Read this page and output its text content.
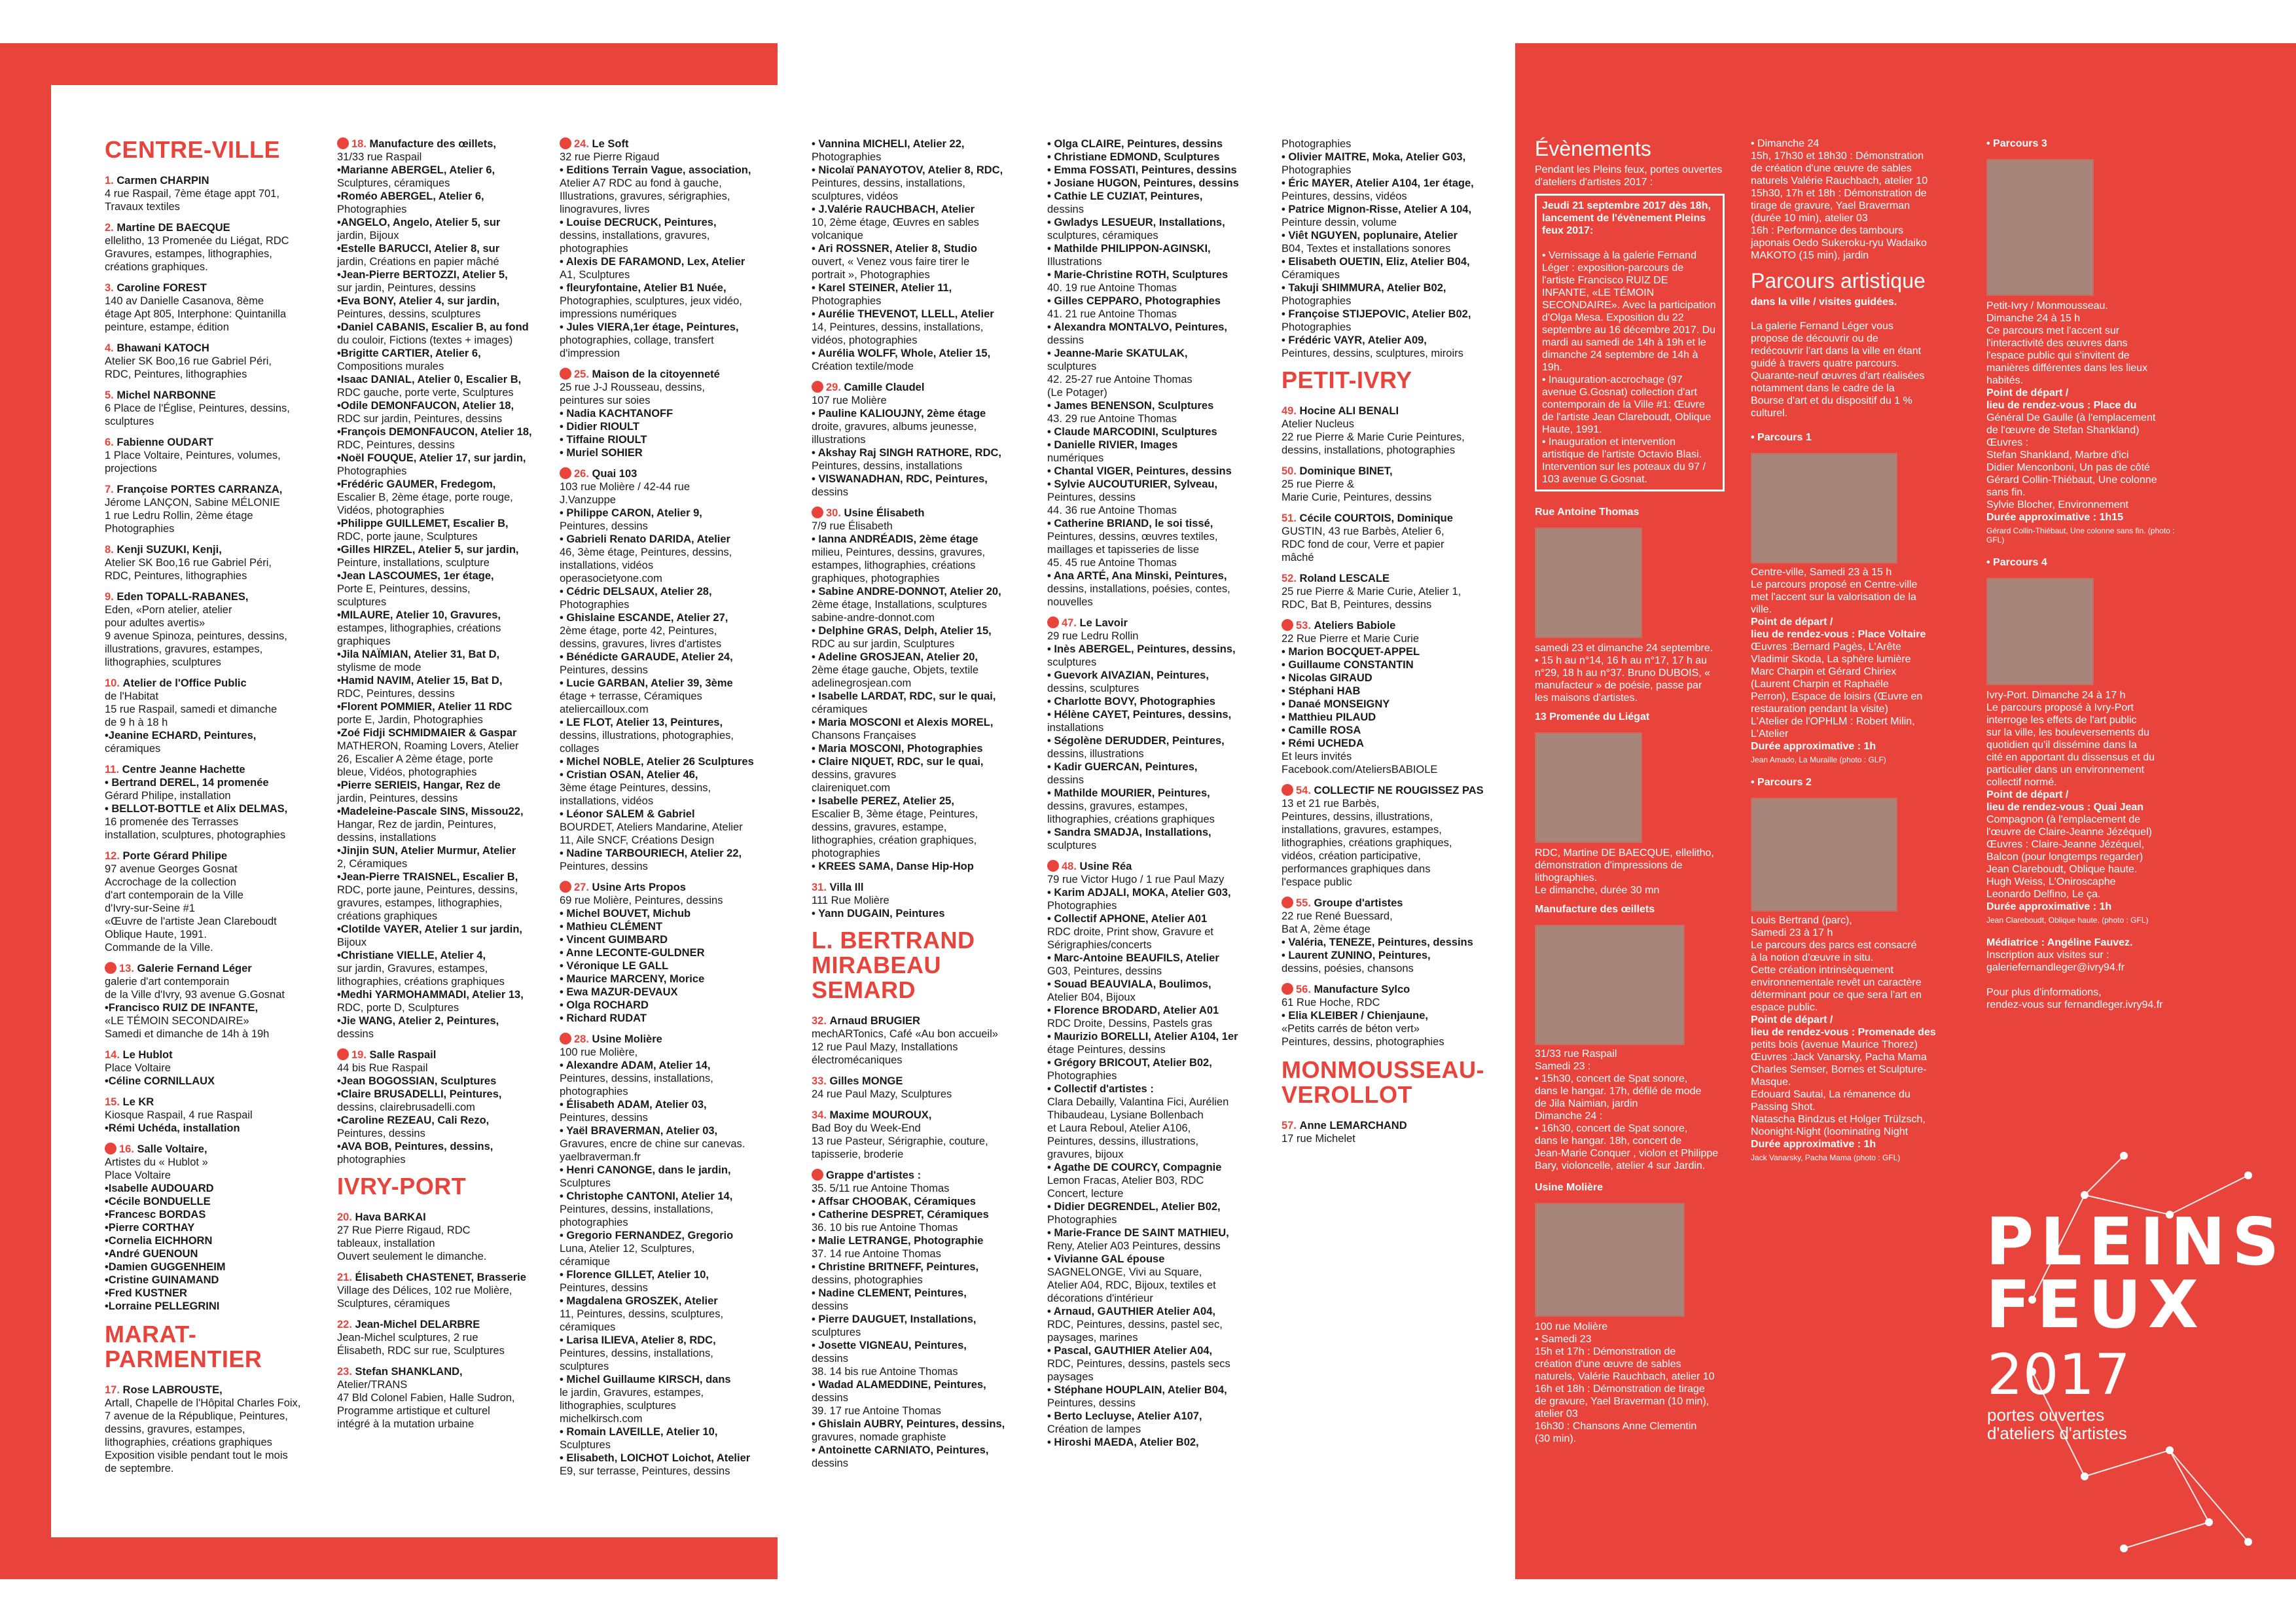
CENTRE-VILLE
1. Carmen CHARPIN
4 rue Raspail, 7ème étage appt 701,
Travaux textiles
2. Martine DE BAECQUE
ellelitho, 13 Promenée du Liégat, RDC
Gravures, estampes, lithographies,
créations graphiques.
3. Caroline FOREST
140 av Danielle Casanova, 8ème
étage Apt 805, Interphone: Quintanilla
peinture, estampe, édition
4. Bhawani KATOCH
Atelier SK Boo,16 rue Gabriel Péri,
RDC, Peintures, lithographies
5. Michel NARBONNE
6 Place de l'Église, Peintures, dessins,
sculptures
6. Fabienne OUDART
1 Place Voltaire, Peintures, volumes,
projections
7. Françoise PORTES CARRANZA,
Jérome LANÇON, Sabine MÉLONIE
1 rue Ledru Rollin, 2ème étage
Photographies
8. Kenji SUZUKI, Kenji,
Atelier SK Boo,16 rue Gabriel Péri,
RDC, Peintures, lithographies
9. Eden TOPALL-RABANES,
Eden, «Porn atelier, atelier
pour adultes avertis»
9 avenue Spinoza, peintures, dessins,
illustrations, gravures, estampes,
lithographies, sculptures
10. Atelier de l'Office Public
de l'Habitat
15 rue Raspail, samedi et dimanche
de 9 h à 18 h
•Jeanine ECHARD, Peintures,
céramiques
11. Centre Jeanne Hachette
• Bertrand DEREL, 14 promenée
Gérard Philipe, installation
• BELLOT-BOTTLE et Alix DELMAS,
16 promenée des Terrasses
installation, sculptures, photographies
12. Porte Gérard Philipe
97 avenue Georges Gosnat
Accrochage de la collection
d'art contemporain de la Ville
d'Ivry-sur-Seine #1
«Œuvre de l'artiste Jean Clareboudt
Oblique Haute, 1991.
Commande de la Ville.
13. Galerie Fernand Léger
galerie d'art contemporain
de la Ville d'Ivry, 93 avenue G.Gosnat
•Francisco RUIZ DE INFANTE,
«LE TÉMOIN SECONDAIRE»
Samedi et dimanche de 14h à 19h
14. Le Hublot
Place Voltaire
•Céline CORNILLAUX
15. Le KR
Kiosque Raspail, 4 rue Raspail
•Rémi Uchéda, installation
16. Salle Voltaire,
Artistes du « Hublot »
Place Voltaire
•Isabelle AUDOUARD
•Cécile BONDUELLE
•Francesc BORDAS
•Pierre CORTHAY
•Cornelia EICHHORN
•André GUENOUN
•Damien GUGGENHEIM
•Cristine GUINAMAND
•Fred KUSTNER
•Lorraine PELLEGRINI
MARAT-PARMENTIER
17. Rose LABROUSTE,
Artall, Chapelle de l'Hôpital Charles Foix,
7 avenue de la République, Peintures,
dessins, gravures, estampes,
lithographies, créations graphiques
Exposition visible pendant tout le mois
de septembre.
18. Manufacture des œillets,
31/33 rue Raspail
•Marianne ABERGEL, Atelier 6,
Sculptures, céramiques
•Roméo ABERGEL, Atelier 6,
Photographies
•ANGELO, Angelo, Atelier 5, sur
jardin, Bijoux
•Estelle BARUCCI, Atelier 8, sur
jardin, Créations en papier mâché
•Jean-Pierre BERTOZZI, Atelier 5,
sur jardin, Peintures, dessins
•Eva BONY, Atelier 4, sur jardin,
Peintures, dessins, sculptures
•Daniel CABANIS, Escalier B, au fond
du couloir, Fictions (textes + images)
•Brigitte CARTIER, Atelier 6,
Compositions murales
•Isaac DANIAL, Atelier 0, Escalier B,
RDC gauche, porte verte, Sculptures
•Odile DEMONFAUCON, Atelier 18,
RDC sur jardin, Peintures, dessins
•François DEMONFAUCON, Atelier 18,
RDC, Peintures, dessins
•Noël FOUQUE, Atelier 17, sur jardin,
Photographies
•Frédéric GAUMER, Fredegom,
Escalier B, 2ème étage, porte rouge,
Vidéos, photographies
•Philippe GUILLEMET, Escalier B,
RDC, porte jaune, Sculptures
•Gilles HIRZEL, Atelier 5, sur jardin,
Peinture, installations, sculpture
•Jean LASCOUMES, 1er étage,
Porte E, Peintures, dessins,
sculptures
•MILAURE, Atelier 10, Gravures,
estampes, lithographies, créations
graphiques
•Jila NAÏMIAN, Atelier 31, Bat D,
stylisme de mode
•Hamid NAVIM, Atelier 15, Bat D,
RDC, Peintures, dessins
•Florent POMMIER, Atelier 11 RDC
porte E, Jardin, Photographies
•Zoé Fidji SCHMIDMAIER & Gaspar
MATHERON, Roaming Lovers, Atelier
26, Escalier A 2ème étage, porte
bleue, Vidéos, photographies
•Pierre SERIEIS, Hangar, Rez de
jardin, Peintures, dessins
•Madeleine-Pascale SINS, Missou22,
Hangar, Rez de jardin, Peintures,
dessins, installations
•Jinjin SUN, Atelier Murmur, Atelier
2, Céramiques
•Jean-Pierre TRAISNEL, Escalier B,
RDC, porte jaune, Peintures, dessins,
gravures, estampes, lithographies,
créations graphiques
•Clotilde VAYER, Atelier 1 sur jardin,
Bijoux
•Christiane VIELLE, Atelier 4,
sur jardin, Gravures, estampes,
lithographies, créations graphiques
•Medhi YARMOHAMMADI, Atelier 13,
RDC, porte D, Sculptures
•Jie WANG, Atelier 2, Peintures,
dessins
19. Salle Raspail
44 bis Rue Raspail
•Jean BOGOSSIAN, Sculptures
•Claire BRUSADELLI, Peintures,
dessins, clairebrusadelli.com
•Caroline REZEAU, Cali Rezo,
Peintures, dessins
•AVA BOB, Peintures, dessins,
photographies
IVRY-PORT
20. Hava BARKAI
27 Rue Pierre Rigaud, RDC
tableaux, installation
Ouvert seulement le dimanche.
21. Élisabeth CHASTENET, Brasserie
Village des Délices, 102 rue Molière,
Sculptures, céramiques
22. Jean-Michel DELARBRE
Jean-Michel sculptures, 2 rue
Élisabeth, RDC sur rue, Sculptures
23. Stefan SHANKLAND,
Atelier/TRANS
47 Bld Colonel Fabien, Halle Sudron,
Programme artistique et culturel
intégré à la mutation urbaine
24. Le Soft
32 rue Pierre Rigaud
• Editions Terrain Vague, association,
Atelier A7 RDC au fond à gauche,
Illustrations, gravures, sérigraphies,
linogravures, livres
• Louise DECRUCK, Peintures,
dessins, installations, gravures,
photographies
• Alexis DE FARAMOND, Lex, Atelier
A1, Sculptures
• fleuryfontaine, Atelier B1 Nuée,
Photographies, sculptures, jeux vidéo,
impressions numériques
• Jules VIERA,1er étage, Peintures,
photographies, collage, transfert
d'impression
25. Maison de la citoyenneté
25 rue J-J Rousseau, dessins,
peintures sur soies
• Nadia KACHTANOFF
• Didier RIOULT
• Tiffaine RIOULT
• Muriel SOHIER
26. Quai 103
103 rue Molière / 42-44 rue
J.Vanzuppe
• Philippe CARON, Atelier 9,
Peintures, dessins
• Gabrieli Renato DARIDA, Atelier
46, 3ème étage, Peintures, dessins,
installations, vidéos
operasocietyone.com
• Cédric DELSAUX, Atelier 28,
Photographies
• Ghislaine ESCANDE, Atelier 27,
2ème étage, porte 42, Peintures,
dessins, gravures, livres d'artistes
• Bénédicte GARAUDE, Atelier 24,
Peintures, dessins
• Lucie GARBAN, Atelier 39, 3ème
étage + terrasse, Céramiques
ateliercailloux.com
• LE FLOT, Atelier 13, Peintures,
dessins, illustrations, photographies,
collages
• Michel NOBLE, Atelier 26 Sculptures
• Cristian OSAN, Atelier 46,
3ème étage Peintures, dessins,
installations, vidéos
• Léonor SALEM & Gabriel
BOURDET, Ateliers Mandarine, Atelier
11, Aile SNCF, Créations Design
• Nadine TARBOURIECH, Atelier 22,
Peintures, dessins
27. Usine Arts Propos
69 rue Molière, Peintures, dessins
• Michel BOUVET, Michub
• Mathieu CLÉMENT
• Vincent GUIMBARD
• Anne LECONTE-GULDNER
• Véronique LE GALL
• Maurice MARCENY, Morice
• Ewa MAZUR-DEVAUX
• Olga ROCHARD
• Richard RUDAT
28. Usine Molière
100 rue Molière,
• Alexandre ADAM, Atelier 14,
Peintures, dessins, installations,
photographies
• Élisabeth ADAM, Atelier 03,
Peintures, dessins
• Yaël BRAVERMAN, Atelier 03,
Gravures, encre de chine sur canevas.
yaelbraverman.fr
• Henri CANONGE, dans le jardin,
Sculptures
• Christophe CANTONI, Atelier 14,
Peintures, dessins, installations,
photographies
• Gregorio FERNANDEZ, Gregorio
Luna, Atelier 12, Sculptures,
céramique
• Florence GILLET, Atelier 10,
Peintures, dessins
• Magdalena GROSZEK, Atelier
11, Peintures, dessins, sculptures,
céramiques
• Larisa ILIEVA, Atelier 8, RDC,
Peintures, dessins, installations,
sculptures
• Michel Guillaume KIRSCH, dans
le jardin, Gravures, estampes,
lithographies, sculptures
michelkirsch.com
• Romain LAVEILLE, Atelier 10,
Sculptures
• Elisabeth, LOICHOT Loichot, Atelier
E9, sur terrasse, Peintures, dessins
• Vannina MICHELI, Atelier 22,
Photographies
• Nicolaï PANAYOTOV, Atelier 8, RDC,
Peintures, dessins, installations,
sculptures, vidéos
• J.Valérie RAUCHBACH, Atelier
10, 2ème étage, Œuvres en sables
volcanique
• Ari ROSSNER, Atelier 8, Studio
ouvert, « Venez vous faire tirer le
portrait », Photographies
• Karel STEINER, Atelier 11,
Photographies
• Aurélie THEVENOT, LLELL, Atelier
14, Peintures, dessins, installations,
vidéos, photographies
• Aurélia WOLFF, Whole, Atelier 15,
Création textile/mode
29. Camille Claudel
107 rue Molière
• Pauline KALIOUJNY, 2ème étage
droite, gravures, albums jeunesse,
illustrations
• Akshay Raj SINGH RATHORE, RDC,
Peintures, dessins, installations
• VISWANADHAN, RDC, Peintures,
dessins
30. Usine Élisabeth
7/9 rue Élisabeth
• Ianna ANDRÉADIS, 2ème étage
milieu, Peintures, dessins, gravures,
estampes, lithographies, créations
graphiques, photographies
• Sabine ANDRE-DONNOT, Atelier 20,
2ème étage, Installations, sculptures
sabine-andre-donnot.com
• Delphine GRAS, Delph, Atelier 15,
RDC au sur jardin, Sculptures
• Adeline GROSJEAN, Atelier 20,
2ème étage gauche, Objets, textile
adelinegrosjean.com
• Isabelle LARDAT, RDC, sur le quai,
céramiques
• Maria MOSCONI et Alexis MOREL,
Chansons Françaises
• Maria MOSCONI, Photographies
• Claire NIQUET, RDC, sur le quai,
dessins, gravures
claireniquet.com
• Isabelle PEREZ, Atelier 25,
Escalier B, 3ème étage, Peintures,
dessins, gravures, estampe,
lithographies, création graphiques,
photographies
• KREES SAMA, Danse Hip-Hop
31. Villa Ill
111 Rue Molière
• Yann DUGAIN, Peintures
L. BERTRAND MIRABEAU SEMARD
32. Arnaud BRUGIER
mechARTonics, Café «Au bon accueil»
12 rue Paul Mazy, Installations
électromécaniques
33. Gilles MONGE
24 rue Paul Mazy, Sculptures
34. Maxime MOUROUX,
Bad Boy du Week-End
13 rue Pasteur, Sérigraphie, couture,
tapisserie, broderie
Grappe d'artistes :
35. 5/11 rue Antoine Thomas
• Affsar CHOOBAK, Céramiques
• Catherine DESPRET, Céramiques
36. 10 bis rue Antoine Thomas
• Malie LETRANGE, Photographie
37. 14 rue Antoine Thomas
• Christine BRITNEFF, Peintures,
dessins, photographies
• Nadine CLEMENT, Peintures,
dessins
• Pierre DAUGUET, Installations,
sculptures
• Josette VIGNEAU, Peintures,
dessins
38. 14 bis rue Antoine Thomas
• Wadad ALAMEDDINE, Peintures,
dessins
39. 17 rue Antoine Thomas
• Ghislain AUBRY, Peintures, dessins,
gravures, nomade graphiste
• Antoinette CARNIATO, Peintures,
dessins
• Olga CLAIRE, Peintures, dessins
• Christiane EDMOND, Sculptures
• Emma FOSSATI, Peintures, dessins
• Josiane HUGON, Peintures, dessins
• Cathie LE CUZIAT, Peintures,
dessins
• Gwladys LESUEUR, Installations,
sculptures, céramiques
• Mathilde PHILIPPON-AGINSKI,
Illustrations
• Marie-Christine ROTH, Sculptures
40. 19 rue Antoine Thomas
• Gilles CEPPARO, Photographies
41. 21 rue Antoine Thomas
• Alexandra MONTALVO, Peintures,
dessins
• Jeanne-Marie SKATULAK,
sculptures
42. 25-27 rue Antoine Thomas
(Le Potager)
• James BENENSON, Sculptures
43. 29 rue Antoine Thomas
• Claude MARCODINI, Sculptures
• Danielle RIVIER, Images
numériques
• Chantal VIGER, Peintures, dessins
• Sylvie AUCOUTURIER, Sylveau,
Peintures, dessins
44. 36 rue Antoine Thomas
• Catherine BRIAND, le soi tissé,
Peintures, dessins, œuvres textiles,
maillages et tapisseries de lisse
45. 45 rue Antoine Thomas
• Ana ARTÉ, Ana Minski, Peintures,
dessins, installations, poésies, contes,
nouvelles
47. Le Lavoir
29 rue Ledru Rollin
• Inès ABERGEL, Peintures, dessins,
sculptures
• Guevork AIVAZIAN, Peintures,
dessins, sculptures
• Charlotte BOVY, Photographies
• Hélène CAYET, Peintures, dessins,
installations
• Ségolène DERUDDER, Peintures,
dessins, illustrations
• Kadir GUERCAN, Peintures,
dessins
• Mathilde MOURIER, Peintures,
dessins, gravures, estampes,
lithographies, créations graphiques
• Sandra SMADJA, Installations,
sculptures
48. Usine Réa
79 rue Victor Hugo / 1 rue Paul Mazy
• Karim ADJALI, MOKA, Atelier G03,
Photographies
• Collectif APHONE, Atelier A01
RDC droite, Print show, Gravure et
Sérigraphies/concerts
• Marc-Antoine BEAUFILS, Atelier
G03, Peintures, dessins
• Souad BEAUVIALA, Boulimos,
Atelier B04, Bijoux
• Florence BRODARD, Atelier A01
RDC Droite, Dessins, Pastels gras
• Maurizio BORELLI, Atelier A104, 1er
étage Peintures, dessins
• Grégory BRICOUT, Atelier B02,
Photographies
• Collectif d'artistes :
Clara Debailly, Valantina Fici, Aurélien
Thibaudeau, Lysiane Bollenbach
et Laura Reboul, Atelier A106,
Peintures, dessins, illustrations,
gravures, bijoux
• Agathe DE COURCY, Compagnie
Lemon Fracas, Atelier B03, RDC
Concert, lecture
• Didier DEGRENDEL, Atelier B02,
Photographies
• Marie-France DE SAINT MATHIEU,
Reny, Atelier A03 Peintures, dessins
• Vivianne GAL épouse
SAGNELONGE, Vivi au Square,
Atelier A04, RDC, Bijoux, textiles et
décorations d'intérieur
• Arnaud, GAUTHIER Atelier A04,
RDC, Peintures, dessins, pastel sec,
paysages, marines
• Pascal, GAUTHIER Atelier A04,
RDC, Peintures, dessins, pastels secs
paysages
• Stéphane HOUPLAIN, Atelier B04,
Peintures, dessins
• Berto Lecluyse, Atelier A107,
Création de lampes
• Hiroshi MAEDA, Atelier B02,
Photographies
• Olivier MAITRE, Moka, Atelier G03,
Photographies
• Éric MAYER, Atelier A104, 1er étage,
Peintures, dessins, vidéos
• Patrice Mignon-Risse, Atelier A 104,
Peinture dessin, volume
• Viêt NGUYEN, poplunaire, Atelier
B04, Textes et installations sonores
• Elisabeth OUETIN, Eliz, Atelier B04,
Céramiques
• Takuji SHIMMURA, Atelier B02,
Photographies
• Françoise STIJEPOVIC, Atelier B02,
Photographies
• Frédéric VAYR, Atelier A09,
Peintures, dessins, sculptures, miroirs
PETIT-IVRY
49. Hocine ALI BENALI
Atelier Nucleus
22 rue Pierre & Marie Curie Peintures,
dessins, installations, photographies
50. Dominique BINET,
25 rue Pierre &
Marie Curie, Peintures, dessins
51. Cécile COURTOIS, Dominique
GUSTIN, 43 rue Barbès, Atelier 6,
RDC fond de cour, Verre et papier
mâché
52. Roland LESCALE
25 rue Pierre & Marie Curie, Atelier 1,
RDC, Bat B, Peintures, dessins
53. Ateliers Babiole
22 Rue Pierre et Marie Curie
• Marion BOCQUET-APPEL
• Guillaume CONSTANTIN
• Nicolas GIRAUD
• Stéphani HAB
• Danaé MONSEIGNY
• Matthieu PILAUD
• Camille ROSA
• Rémi UCHEDA
Et leurs invités
Facebook.com/AteliersBABIOLE
54. COLLECTIF NE ROUGISSEZ PAS
13 et 21 rue Barbès,
Peintures, dessins, illustrations,
installations, gravures, estampes,
lithographies, créations graphiques,
vidéos, création participative,
performances graphiques dans
l'espace public
55. Groupe d'artistes
22 rue René Buessard,
Bat A, 2ème étage
• Valéria, TENEZE, Peintures, dessins
• Laurent ZUNINO, Peintures,
dessins, poésies, chansons
56. Manufacture Sylco
61 Rue Hoche, RDC
• Elia KLEIBER / Chienjaune,
«Petits carrés de béton vert»
Peintures, dessins, photographies
MONMOUSSEAU-VEROLLOT
57. Anne LEMARCHAND
17 rue Michelet
Évènements
Pendant les Pleins feux, portes ouvertes d'ateliers d'artistes 2017 :
Jeudi 21 septembre 2017 dès 18h, lancement de l'évènement Pleins feux 2017:
• Vernissage à la galerie Fernand Léger : exposition-parcours de l'artiste Francisco RUIZ DE INFANTE, «LE TÉMOIN SECONDAIRE». Avec la participation d'Olga Mesa. Exposition du 22 septembre au 16 décembre 2017. Du mardi au samedi de 14h à 19h et le dimanche 24 septembre de 14h à 19h.
• Inauguration-accrochage (97 avenue G.Gosnat) collection d'art contemporain de la Ville #1: Œuvre de l'artiste Jean Clareboudt, Oblique Haute, 1991.
• Inauguration et intervention artistique de l'artiste Octavio Blasi. Intervention sur les poteaux du 97 / 103 avenue G.Gosnat.
Rue Antoine Thomas
samedi 23 et dimanche 24 septembre.
• 15 h au n°14, 16 h au n°17, 17 h au
n°29, 18 h au n°37. Bruno DUBOIS, «
manufacteur » de poésie, passe par
les maisons d'artistes.
13 Promenée du Liégat
RDC, Martine DE BAECQUE, ellelitho,
démonstration d'impressions de
lithographies.
Le dimanche, durée 30 mn
Manufacture des œillets
31/33 rue Raspail
Samedi 23 :
• 15h30, concert de Spat sonore,
dans le hangar. 17h, défilé de mode
de Jila Naimian, jardin
Dimanche 24 :
• 16h30, concert de Spat sonore,
dans le hangar. 18h, concert de
Jean-Marie Conquer , violon et Philippe
Bary, violoncelle, atelier 4 sur Jardin.
Usine Molière
100 rue Molière
• Samedi 23
15h et 17h : Démonstration de
création d'une œuvre de sables
naturels, Valérie Rauchbach, atelier 10
16h et 18h : Démonstration de tirage
de gravure, Yael Braverman (10 min),
atelier 03
16h30 : Chansons Anne Clementin
(30 min).
• Dimanche 24
15h, 17h30 et 18h30 : Démonstration
de création d'une œuvre de sables
naturels Valérie Rauchbach, atelier 10
15h30, 17h et 18h : Démonstration de
tirage de gravure, Yael Braverman
(durée 10 min), atelier 03
16h : Performance des tambours
japonais Oedo Sukeroku-ryu Wadaiko
MAKOTO (15 min), jardin
Parcours artistique
dans la ville / visites guidées.
La galerie Fernand Léger vous
propose de découvrir ou de
redécouvrir l'art dans la ville en étant
guidé à travers quatre parcours.
Quarante-neuf œuvres d'art réalisées
notamment dans le cadre de la
Bourse d'art et du dispositif du 1 %
culturel.
• Parcours 1
Centre-ville, Samedi 23 à 15 h
Le parcours proposé en Centre-ville
met l'accent sur la valorisation de la
ville.
Point de départ /
lieu de rendez-vous : Place Voltaire
Œuvres :Bernard Pagès, L'Arête
Vladimir Skoda, La sphère lumière
Marc Charpin et Gérard Chiriex
(Laurent Charpin et Raphaële
Perron), Espace de loisirs (Œuvre en
restauration pendant la visite)
L'Atelier de l'OPHLM : Robert Milin,
L'Atelier
Durée approximative : 1h
Jean Amado, La Muraille (photo : GLF)
• Parcours 2
Louis Bertrand (parc),
Samedi 23 à 17 h
Le parcours des parcs est consacré
à la notion d'œuvre in situ.
Cette création intrinsèquement
environnementale revêt un caractère
déterminant pour ce que sera l'art en
espace public.
Point de départ /
lieu de rendez-vous : Promenade des
petits bois (avenue Maurice Thorez)
Œuvres :Jack Vanarsky, Pacha Mama
Charles Semser, Bornes et Sculpture-
Masque.
Edouard Sautai, La rémanence du
Passing Shot.
Natascha Bindzus et Holger Trülzsch,
Noonight-Night (loominating Night
Durée approximative : 1h
Jack Vanarsky, Pacha Mama (photo : GFL)
• Parcours 3
Petit-Ivry / Monmousseau.
Dimanche 24 à 15 h
Ce parcours met l'accent sur
l'interactivité des œuvres dans
l'espace public qui s'invitent de
manières différentes dans les lieux
habités.
Point de départ /
lieu de rendez-vous : Place du
Général De Gaulle (à l'emplacement
de l'œuvre de Stefan Shankland)
Œuvres :
Stefan Shankland, Marbre d'ici
Didier Menconboni, Un pas de côté
Gérard Collin-Thiébaut, Une colonne
sans fin.
Sylvie Blocher, Environnement
Durée approximative : 1h15
Gérard Collin-Thiébaut, Une colonne sans fin. (photo : GFL)
• Parcours 4
Ivry-Port. Dimanche 24 à 17 h
Le parcours proposé à Ivry-Port
interroge les effets de l'art public
sur la ville, les bouleversements du
quotidien qu'il dissémine dans la
cité en apportant du dissensus et du
particulier dans un environnement
collectif normé.
Point de départ /
lieu de rendez-vous : Quai Jean
Compagnon (à l'emplacement de
l'œuvre de Claire-Jeanne Jézéquel)
Œuvres : Claire-Jeanne Jézéquel,
Balcon (pour longtemps regarder)
Jean Clareboudt, Oblique haute.
Hugh Weiss, L'Oniroscaphe
Leonardo Delfino, Le ça.
Durée approximative : 1h
Jean Clareboudt, Oblique haute. (photo : GFL)
Médiatrice : Angéline Fauvez.
Inscription aux visites sur :
galeriefernandleger@ivry94.fr
Pour plus d'informations,
rendez-vous sur fernandleger.ivry94.fr
PLEINS
FEUX
2017
portes ouvertes
d'ateliers d'artistes
